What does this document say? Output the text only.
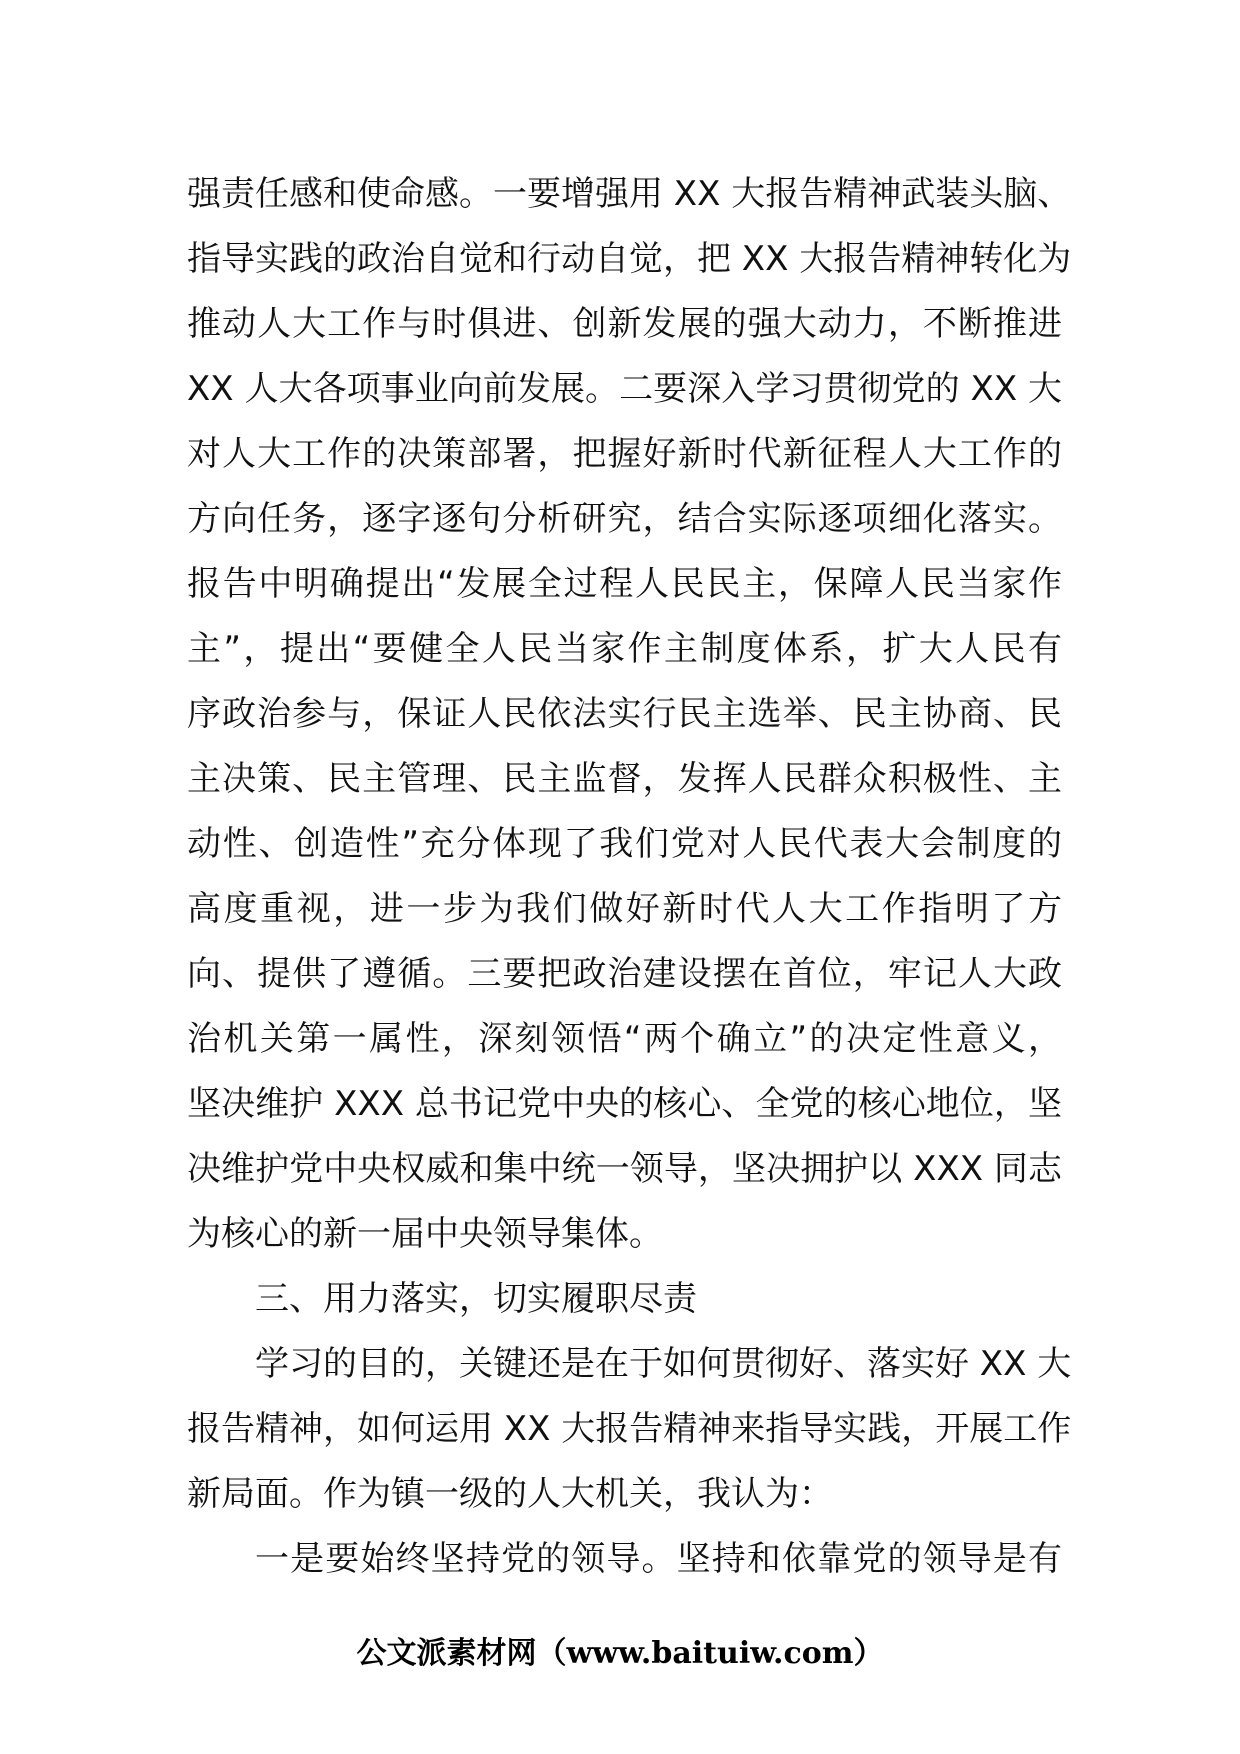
强责任感和使命感。一要增强用 XX 大报告精神武装头脑、
指导实践的政治自觉和行动自觉，把 XX 大报告精神转化为
推动人大工作与时俱进、创新发展的强大动力，不断推进
XX 人大各项事业向前发展。二要深入学习贯彻党的 XX 大
对人大工作的决策部署，把握好新时代新征程人大工作的
方向任务，逐字逐句分析研究，结合实际逐项细化落实。
报告中明确提出“发展全过程人民民主，保障人民当家作
主”，提出“要健全人民当家作主制度体系，扩大人民有
序政治参与，保证人民依法实行民主选举、民主协商、民
主决策、民主管理、民主监督，发挥人民群众积极性、主
动性、创造性”充分体现了我们党对人民代表大会制度的
高度重视，进一步为我们做好新时代人大工作指明了方
向、提供了遵循。三要把政治建设摆在首位，牢记人大政
治机关第一属性，深刻领悟“两个确立”的决定性意义，
坚决维护 XXX 总书记党中央的核心、全党的核心地位，坚
决维护党中央权威和集中统一领导，坚决拥护以 XXX 同志
为核心的新一届中央领导集体。
三、用力落实，切实履职尽责
学习的目的，关键还是在于如何贯彻好、落实好 XX 大
报告精神，如何运用 XX 大报告精神来指导实践，开展工作
新局面。作为镇一级的人大机关，我认为：
一是要始终坚持党的领导。坚持和依靠党的领导是有
公文派素材网（www.baituiw.com）
